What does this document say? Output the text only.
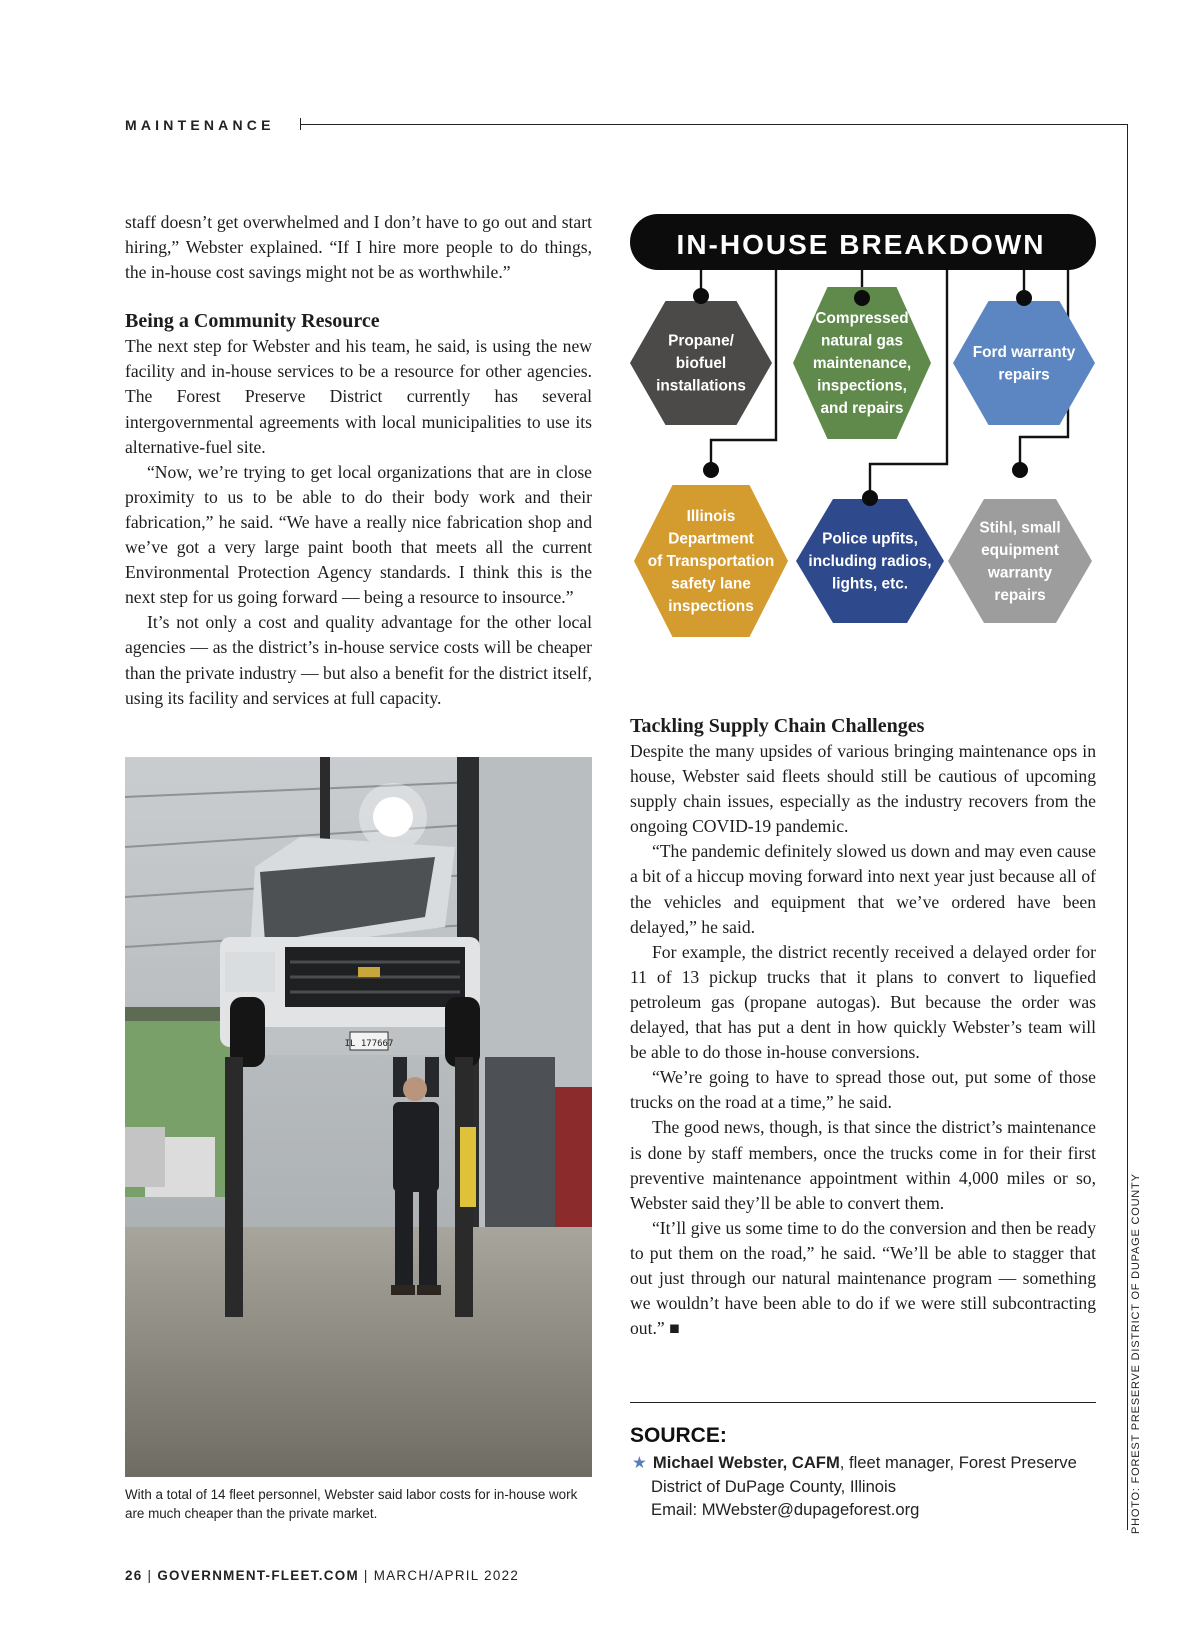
MAINTENANCE

staff doesn’t get overwhelmed and I don’t have to go out and start hiring,” Webster explained. “If I hire more people to do things, the in-house cost savings might not be as worthwhile.”

Being a Community Resource

The next step for Webster and his team, he said, is using the new facility and in-house services to be a resource for other agencies. The Forest Preserve District currently has several intergovernmental agreements with local municipalities to use its alternative-fuel site.

“Now, we’re trying to get local organizations that are in close proximity to us to be able to do their body work and their fabrication,” he said. “We have a really nice fabrication shop and we’ve got a very large paint booth that meets all the current Environmental Protection Agency standards. I think this is the next step for us going forward — being a resource to insource.”

It’s not only a cost and quality advantage for the other local agencies — as the district’s in-house service costs will be cheaper than the private industry — but also a benefit for the district itself, using its facility and services at full capacity.

IL 177667
With a total of 14 fleet personnel, Webster said labor costs for in-house work are much cheaper than the private market.
IN-HOUSE BREAKDOWN
Propane/
biofuel
installations
Compressed
natural gas
maintenance,
inspections,
and repairs
Ford warranty
repairs
Illinois
Department
of Transportation
safety lane
inspections
Police upfits,
including radios,
lights, etc.
Stihl, small
equipment
warranty
repairs

Tackling Supply Chain Challenges

Despite the many upsides of various bringing maintenance ops in house, Webster said fleets should still be cautious of upcoming supply chain issues, especially as the industry recovers from the ongoing COVID-19 pandemic.

“The pandemic definitely slowed us down and may even cause a bit of a hiccup moving forward into next year just because all of the vehicles and equipment that we’ve ordered have been delayed,” he said.

For example, the district recently received a delayed order for 11 of 13 pickup trucks that it plans to convert to liquefied petroleum gas (propane autogas). But because the order was delayed, that has put a dent in how quickly Webster’s team will be able to do those in-house conversions.

“We’re going to have to spread those out, put some of those trucks on the road at a time,” he said.

The good news, though, is that since the district’s maintenance is done by staff members, once the trucks come in for their first preventive maintenance appointment within 4,000 miles or so, Webster said they’ll be able to convert them.

“It’ll give us some time to do the conversion and then be ready to put them on the road,” he said. “We’ll be able to stagger that out just through our natural maintenance program — something we wouldn’t have been able to do if we were still subcontracting out.” ■

SOURCE:
★ Michael Webster, CAFM, fleet manager, Forest Preserve
District of DuPage County, Illinois
Email: MWebster@dupageforest.org	PHOTO: FOREST PRESERVE DISTRICT OF DUPAGE COUNTY
26 | GOVERNMENT-FLEET.COM | MARCH/APRIL 2022
